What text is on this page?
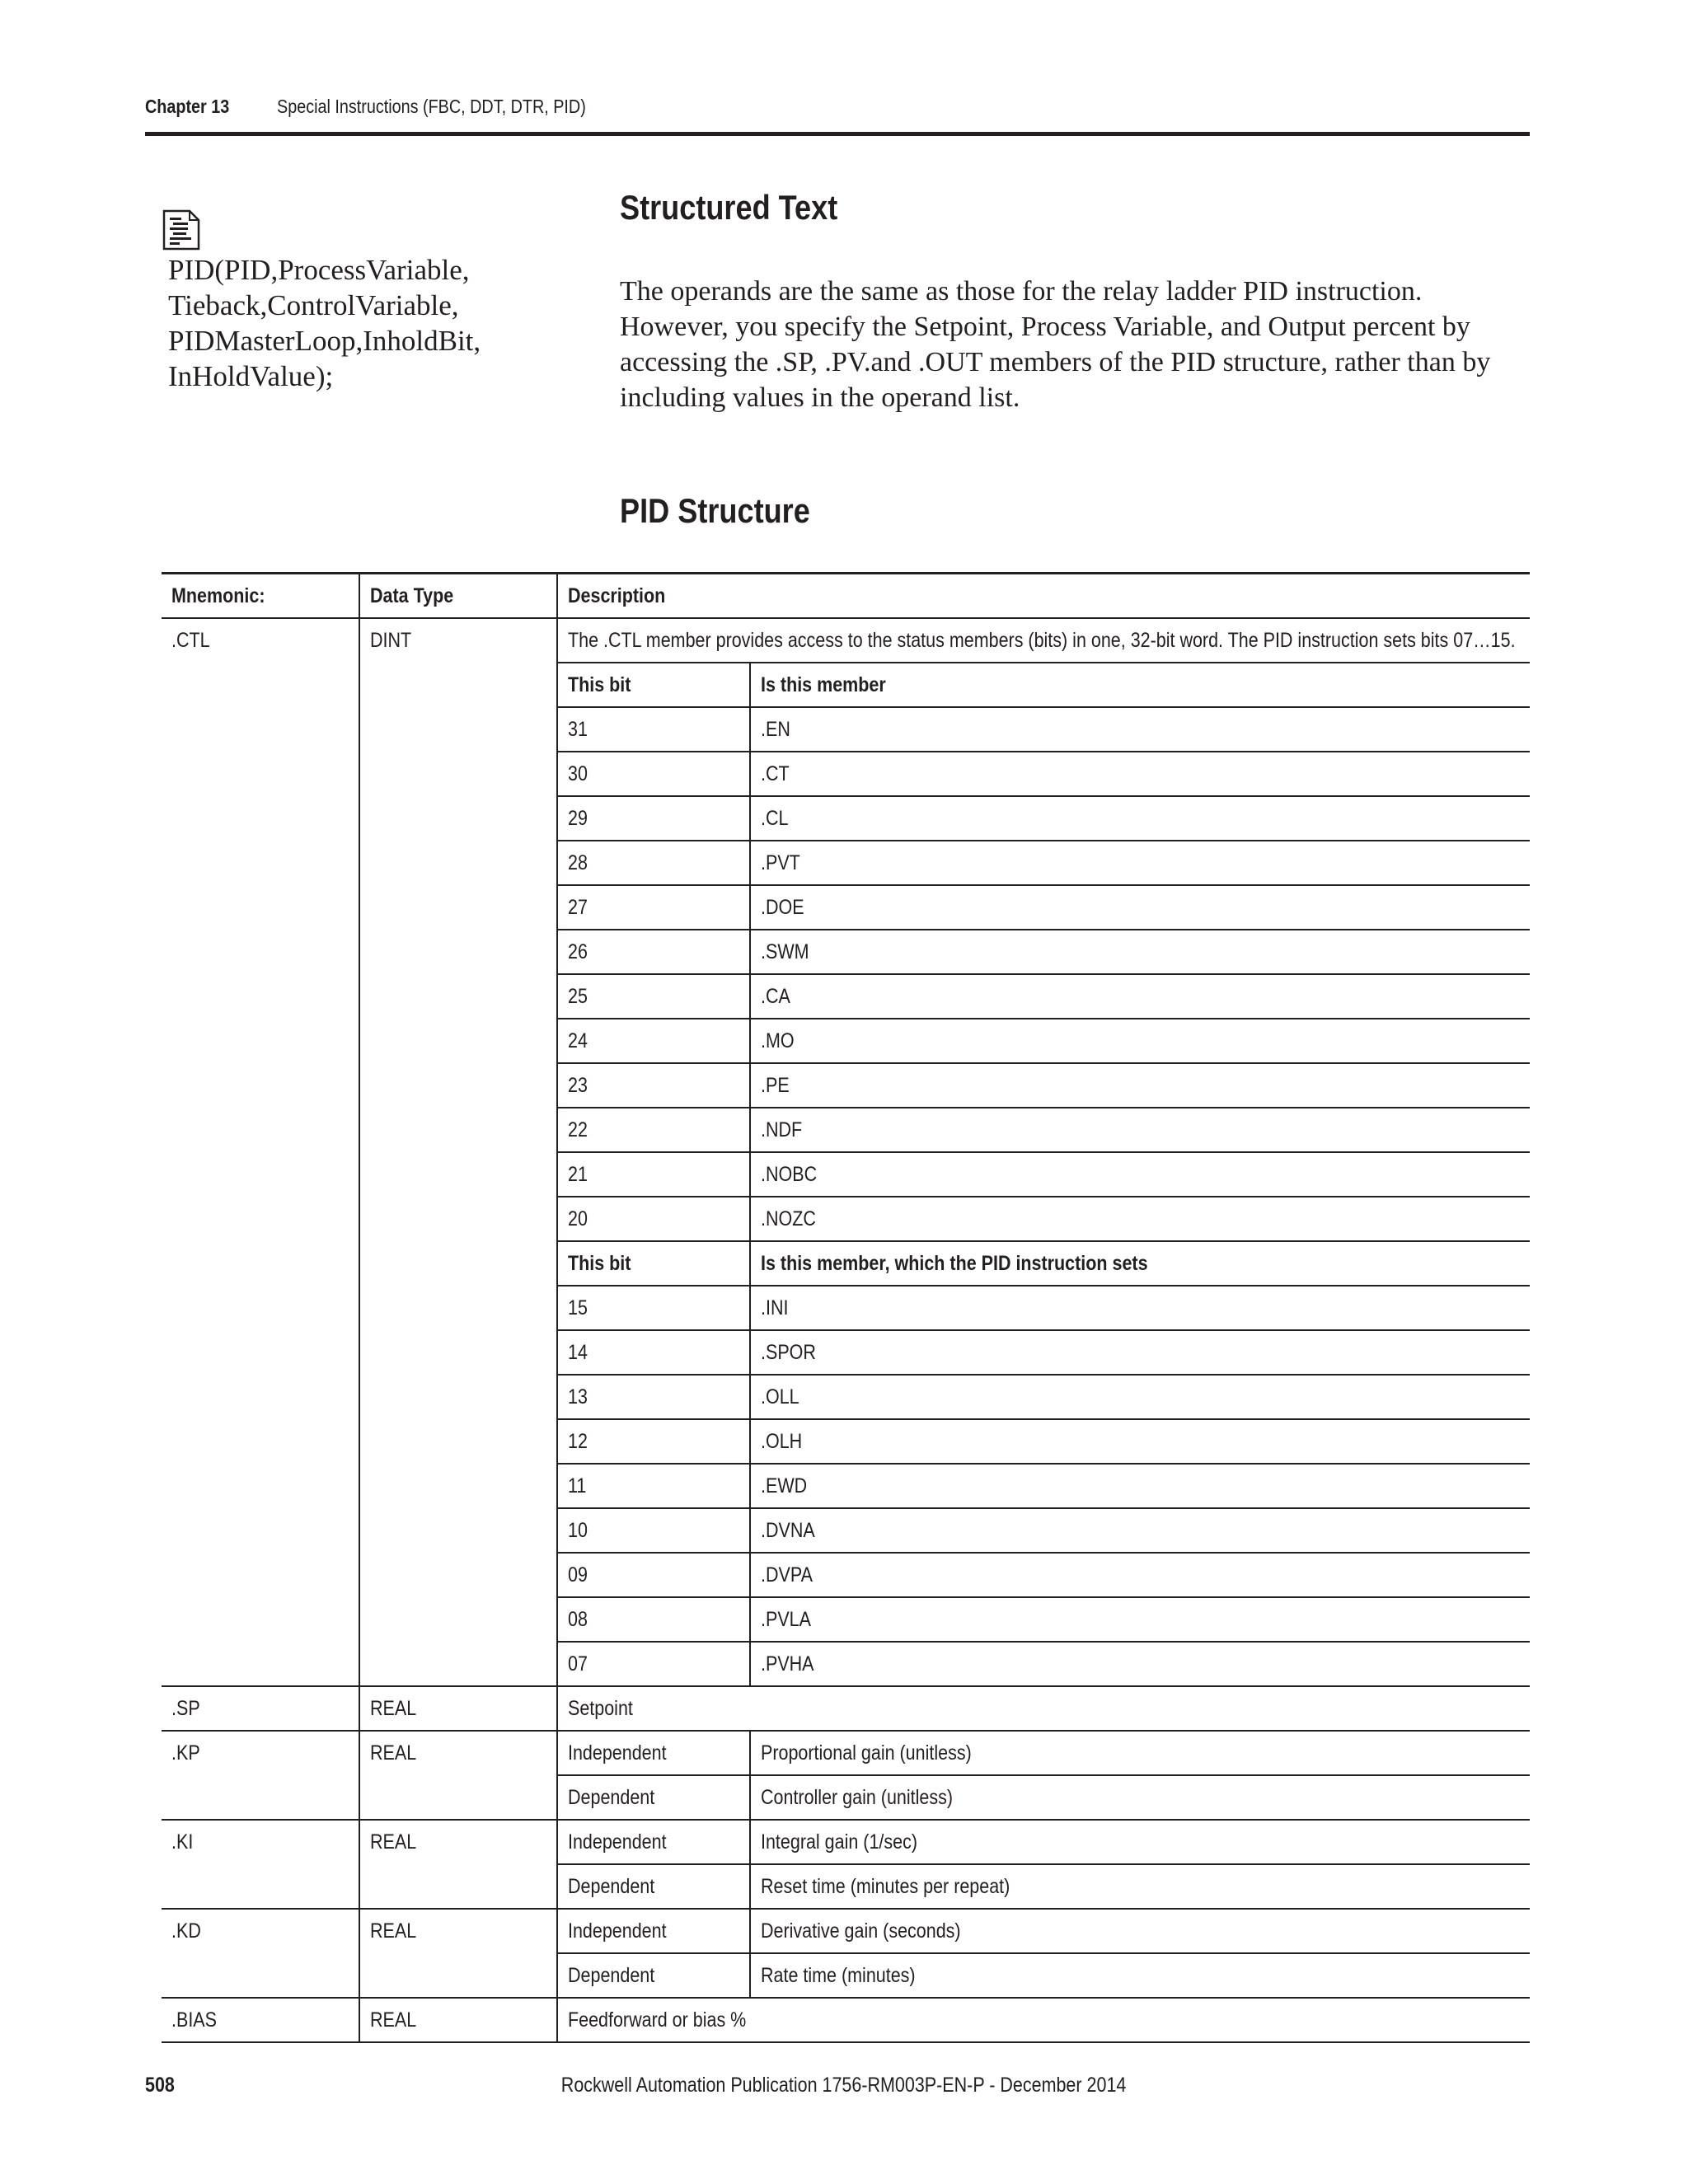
Chapter 13	Special Instructions (FBC, DDT, DTR, PID)
PID(PID,ProcessVariable,
Tieback,ControlVariable,
PIDMasterLoop,InholdBit,
InHoldValue);
Structured Text
The operands are the same as those for the relay ladder PID instruction. However, you specify the Setpoint, Process Variable, and Output percent by accessing the .SP, .PV.and .OUT members of the PID structure, rather than by including values in the operand list.
PID Structure
Mnemonic:	Data Type	Description	
.CTL	DINT	The .CTL member provides access to the status members (bits) in one, 32-bit word. The PID instruction sets bits 07…15.	
		This bit	Is this member
		31	.EN
		30	.CT
		29	.CL
		28	.PVT
		27	.DOE
		26	.SWM
		25	.CA
		24	.MO
		23	.PE
		22	.NDF
		21	.NOBC
		20	.NOZC
		This bit	Is this member, which the PID instruction sets
		15	.INI
		14	.SPOR
		13	.OLL
		12	.OLH
		11	.EWD
		10	.DVNA
		09	.DVPA
		08	.PVLA
		07	.PVHA
.SP	REAL	Setpoint	
.KP	REAL	Independent	Proportional gain (unitless)
		Dependent	Controller gain (unitless)
.KI	REAL	Independent	Integral gain (1/sec)
		Dependent	Reset time (minutes per repeat)
.KD	REAL	Independent	Derivative gain (seconds)
		Dependent	Rate time (minutes)
.BIAS	REAL	Feedforward or bias %	
508	Rockwell Automation Publication 1756-RM003P-EN-P - December 2014
